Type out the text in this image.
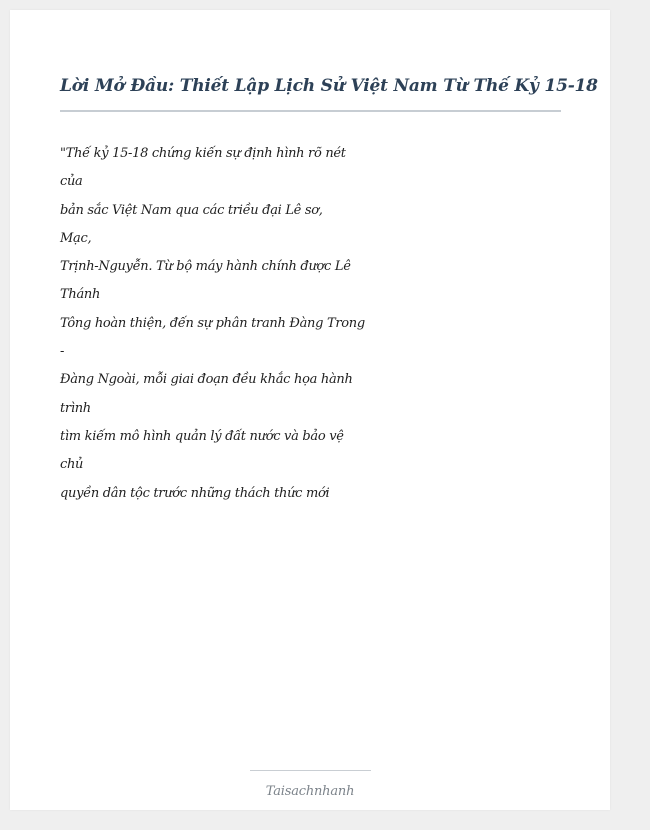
Lời Mở Đầu: Thiết Lập Lịch Sử Việt Nam Từ Thế Kỷ 15-18
"Thế kỷ 15-18 chứng kiến sự định hình rõ nét
của
bản sắc Việt Nam qua các triều đại Lê sơ,
Mạc,
Trịnh-Nguyễn. Từ bộ máy hành chính được Lê
Thánh
Tông hoàn thiện, đến sự phân tranh Đàng Trong
-
Đàng Ngoài, mỗi giai đoạn đều khắc họa hành
trình
tìm kiếm mô hình quản lý đất nước và bảo vệ
chủ
quyền dân tộc trước những thách thức mới
Taisachnhanh
